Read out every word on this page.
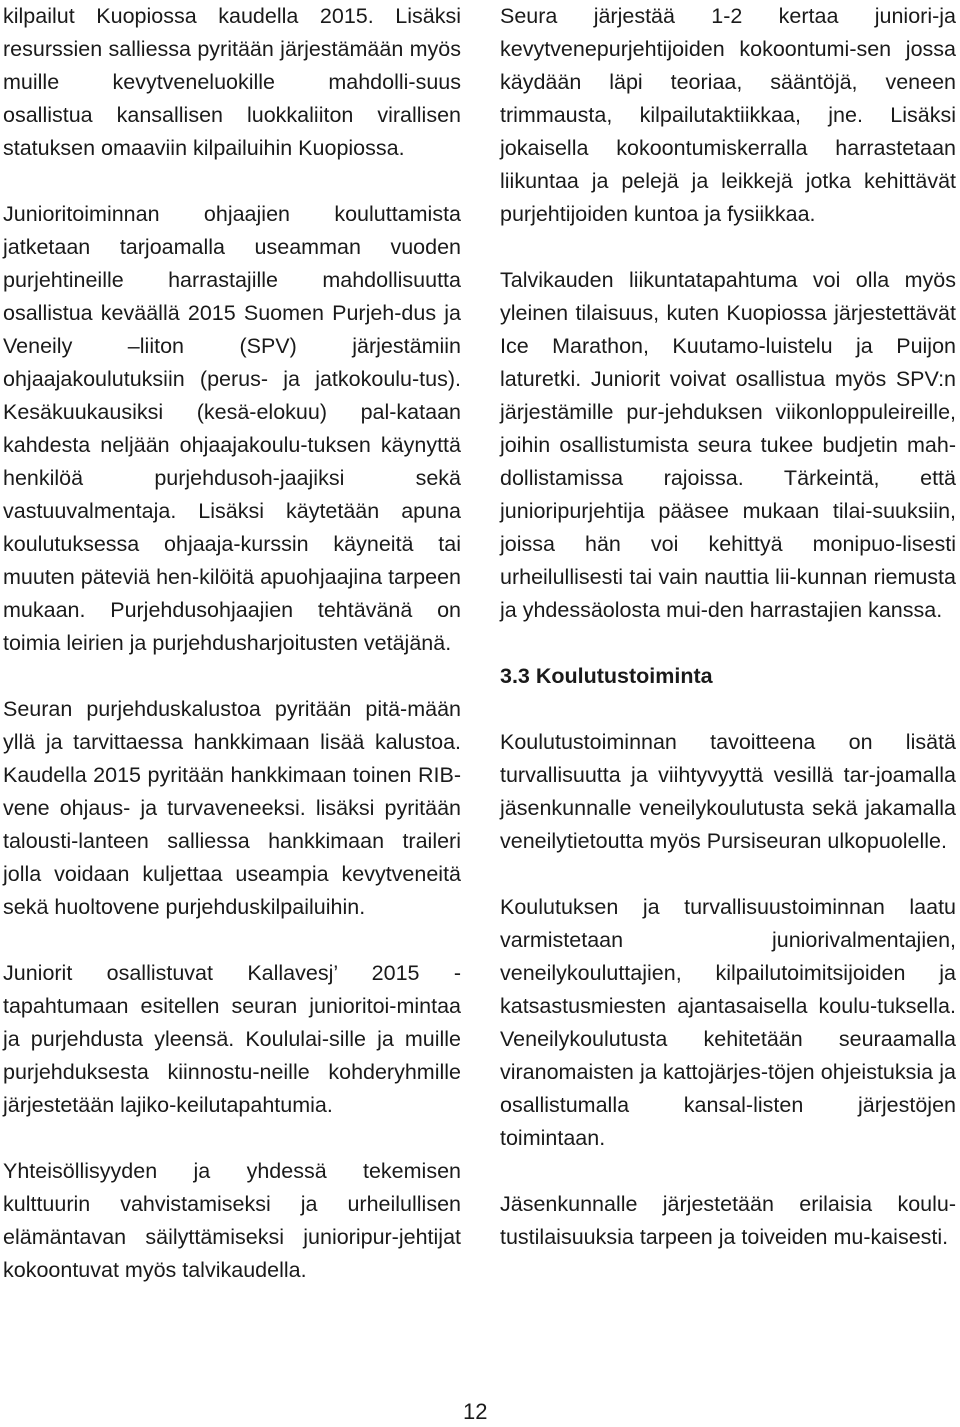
kilpailut Kuopiossa kaudella 2015. Lisäksi resurssien salliessa pyritään järjestämään myös muille kevytveneluokille mahdolli-suus osallistua kansallisen luokkaliiton virallisen statuksen omaaviin kilpailuihin Kuopiossa.

Junioritoiminnan ohjaajien kouluttamista jatketaan tarjoamalla useamman vuoden purjehtineille harrastajille mahdollisuutta osallistua keväällä 2015 Suomen Purjeh-dus ja Veneily –liiton (SPV) järjestämiin ohjaajakoulutuksiin (perus- ja jatkokoulu-tus). Kesäkuukausiksi (kesä-elokuu) pal-kataan kahdesta neljään ohjaajakoulu-tuksen käynyttä henkilöä purjehdusoh-jaajiksi sekä vastuuvalmentaja. Lisäksi käytetään apuna koulutuksessa ohjaaja-kurssin käyneitä tai muuten päteviä hen-kilöitä apuohjaajina tarpeen mukaan. Purjehdusohjaajien tehtävänä on toimia leirien ja purjehdusharjoitusten vetäjänä.

Seuran purjehduskalustoa pyritään pitä-mään yllä ja tarvittaessa hankkimaan lisää kalustoa. Kaudella 2015 pyritään hankkimaan toinen RIB-vene ohjaus- ja turvaveneeksi. lisäksi pyritään talousti-lanteen salliessa hankkimaan traileri jolla voidaan kuljettaa useampia kevytveneitä sekä huoltovene purjehduskilpailuihin.

Juniorit osallistuvat Kallavesj’ 2015 -tapahtumaan esitellen seuran junioritoi-mintaa ja purjehdusta yleensä. Koululai-sille ja muille purjehduksesta kiinnostu-neille kohderyhmille järjestetään lajiko-keilutapahtumia.

Yhteisöllisyyden ja yhdessä tekemisen kulttuurin vahvistamiseksi ja urheilullisen elämäntavan säilyttämiseksi junioripur-jehtijat kokoontuvat myös talvikaudella.

Seura järjestää 1-2 kertaa juniori-ja kevytvenepurjehtijoiden kokoontumi-sen jossa käydään läpi teoriaa, sääntöjä, veneen trimmausta, kilpailutaktiikkaa, jne. Lisäksi jokaisella kokoontumiskerralla harrastetaan liikuntaa ja pelejä ja leikkejä jotka kehittävät purjehtijoiden kuntoa ja fysiikkaa.

Talvikauden liikuntatapahtuma voi olla myös yleinen tilaisuus, kuten Kuopiossa järjestettävät Ice Marathon, Kuutamo-luistelu ja Puijon laturetki. Juniorit voivat osallistua myös SPV:n järjestämille pur-jehduksen viikonloppuleireille, joihin osallistumista seura tukee budjetin mah-dollistamissa rajoissa. Tärkeintä, että junioripurjehtija pääsee mukaan tilai-suuksiin, joissa hän voi kehittyä monipuo-lisesti urheilullisesti tai vain nauttia lii-kunnan riemusta ja yhdessäolosta mui-den harrastajien kanssa.

3.3 Koulutustoiminta

Koulutustoiminnan tavoitteena on lisätä turvallisuutta ja viihtyvyyttä vesillä tar-joamalla jäsenkunnalle veneilykoulutusta sekä jakamalla veneilytietoutta myös Pursiseuran ulkopuolelle.

Koulutuksen ja turvallisuustoiminnan laatu varmistetaan juniorivalmentajien, veneilykouluttajien, kilpailutoimitsijoiden ja katsastusmiesten ajantasaisella koulu-tuksella. Veneilykoulutusta kehitetään seuraamalla viranomaisten ja kattojärjes-töjen ohjeistuksia ja osallistumalla kansal-listen järjestöjen toimintaan.

Jäsenkunnalle järjestetään erilaisia koulu-tustilaisuuksia tarpeen ja toiveiden mu-kaisesti.

12
